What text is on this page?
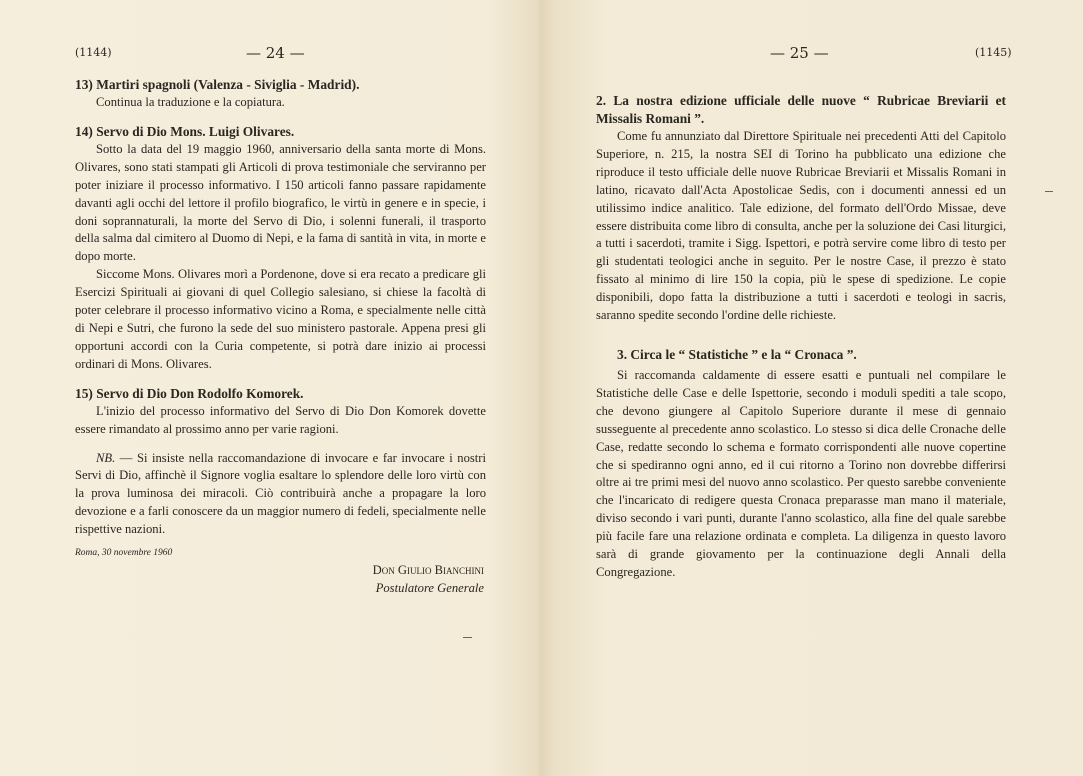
(1144)	— 24 —
13) Martiri spagnoli (Valenza - Siviglia - Madrid).

Continua la traduzione e la copiatura.

14) Servo di Dio Mons. Luigi Olivares.

Sotto la data del 19 maggio 1960, anniversario della santa morte di Mons. Olivares, sono stati stampati gli Articoli di prova testimoniale che serviranno per poter iniziare il processo informativo. I 150 articoli fanno passare rapidamente davanti agli occhi del lettore il profilo biografico, le virtù in genere e in specie, i doni soprannaturali, la morte del Servo di Dio, i solenni funerali, il trasporto della salma dal cimitero al Duomo di Nepi, e la fama di santità in vita, in morte e dopo morte.

Siccome Mons. Olivares morì a Pordenone, dove si era recato a predicare gli Esercizi Spirituali ai giovani di quel Collegio salesiano, si chiese la facoltà di poter celebrare il processo informativo vicino a Roma, e specialmente nelle città di Nepi e Sutri, che furono la sede del suo ministero pastorale. Appena presi gli opportuni accordi con la Curia competente, si potrà dare inizio ai processi ordinari di Mons. Olivares.

15) Servo di Dio Don Rodolfo Komorek.

L'inizio del processo informativo del Servo di Dio Don Komorek dovette essere rimandato al prossimo anno per varie ragioni.

NB. — Si insiste nella raccomandazione di invocare e far invocare i nostri Servi di Dio, affinchè il Signore voglia esaltare lo splendore delle loro virtù con la prova luminosa dei miracoli. Ciò contribuirà anche a propagare la loro devozione e a farli conoscere da un maggior numero di fedeli, specialmente nelle rispettive nazioni.

Roma, 30 novembre 1960
Don Giulio Bianchini
Postulatore Generale
— 25 —	(1145)
2. La nostra edizione ufficiale delle nuove “ Rubricae Breviarii et Missalis Romani ”.

Come fu annunziato dal Direttore Spirituale nei precedenti Atti del Capitolo Superiore, n. 215, la nostra SEI di Torino ha pubblicato una edizione che riproduce il testo ufficiale delle nuove Rubricae Breviarii et Missalis Romani in latino, ricavato dall'Acta Apostolicae Sedis, con i documenti annessi ed un utilissimo indice analitico. Tale edizione, del formato dell'Ordo Missae, deve essere distribuita come libro di consulta, anche per la soluzione dei Casi liturgici, a tutti i sacerdoti, tramite i Sigg. Ispettori, e potrà servire come libro di testo per gli studentati teologici anche in seguito. Per le nostre Case, il prezzo è stato fissato al minimo di lire 150 la copia, più le spese di spedizione. Le copie disponibili, dopo fatta la distribuzione a tutti i sacerdoti e teologi in sacris, saranno spedite secondo l'ordine delle richieste.

3. Circa le “ Statistiche ” e la “ Cronaca ”.

Si raccomanda caldamente di essere esatti e puntuali nel compilare le Statistiche delle Case e delle Ispettorie, secondo i moduli spediti a tale scopo, che devono giungere al Capitolo Superiore durante il mese di gennaio susseguente al precedente anno scolastico. Lo stesso si dica delle Cronache delle Case, redatte secondo lo schema e formato corrispondenti alle nuove copertine che si spediranno ogni anno, ed il cui ritorno a Torino non dovrebbe differirsi oltre ai tre primi mesi del nuovo anno scolastico. Per questo sarebbe conveniente che l'incaricato di redigere questa Cronaca preparasse man mano il materiale, diviso secondo i vari punti, durante l'anno scolastico, alla fine del quale sarebbe più facile fare una relazione ordinata e completa. La diligenza in questo lavoro sarà di grande giovamento per la continuazione degli Annali della Congregazione.
